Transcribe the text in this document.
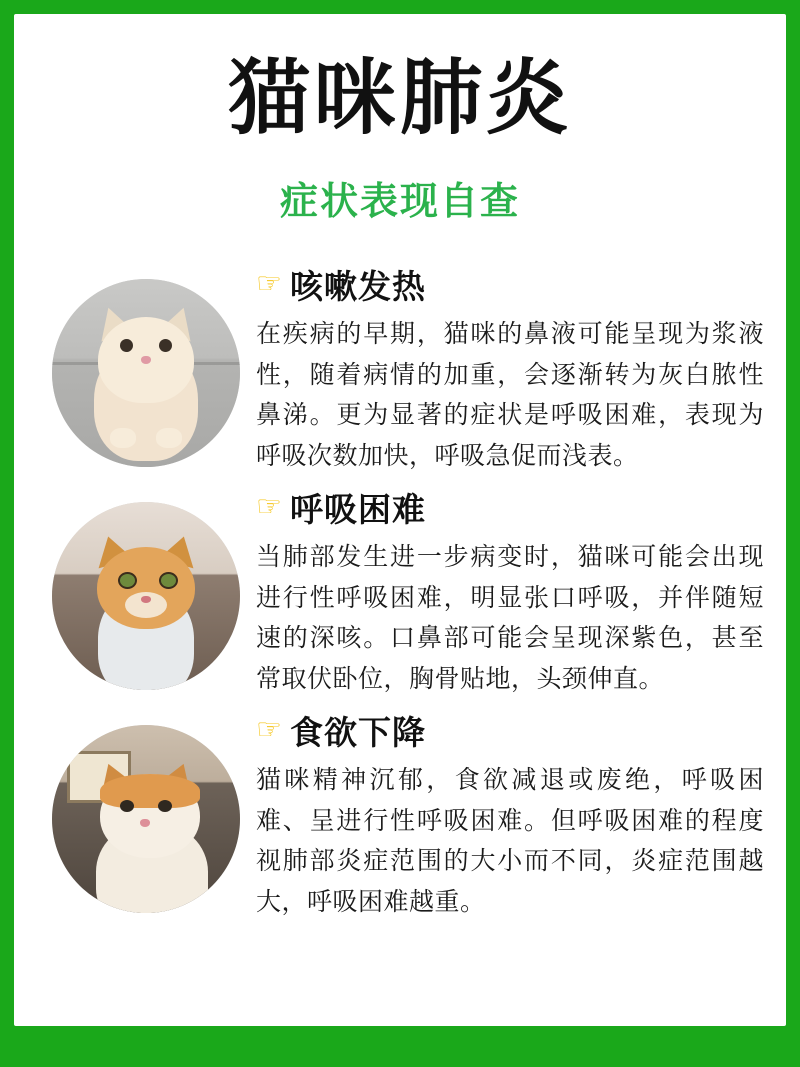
猫咪肺炎
症状表现自查
☞ 咳嗽发热
在疾病的早期，猫咪的鼻液可能呈现为浆液性，随着病情的加重，会逐渐转为灰白脓性鼻涕。更为显著的症状是呼吸困难，表现为呼吸次数加快，呼吸急促而浅表。
☞ 呼吸困难
当肺部发生进一步病变时，猫咪可能会出现进行性呼吸困难，明显张口呼吸，并伴随短速的深咳。口鼻部可能会呈现深紫色，甚至常取伏卧位，胸骨贴地，头颈伸直。
☞ 食欲下降
猫咪精神沉郁，食欲减退或废绝，呼吸困难、呈进行性呼吸困难。但呼吸困难的程度视肺部炎症范围的大小而不同，炎症范围越大，呼吸困难越重。
